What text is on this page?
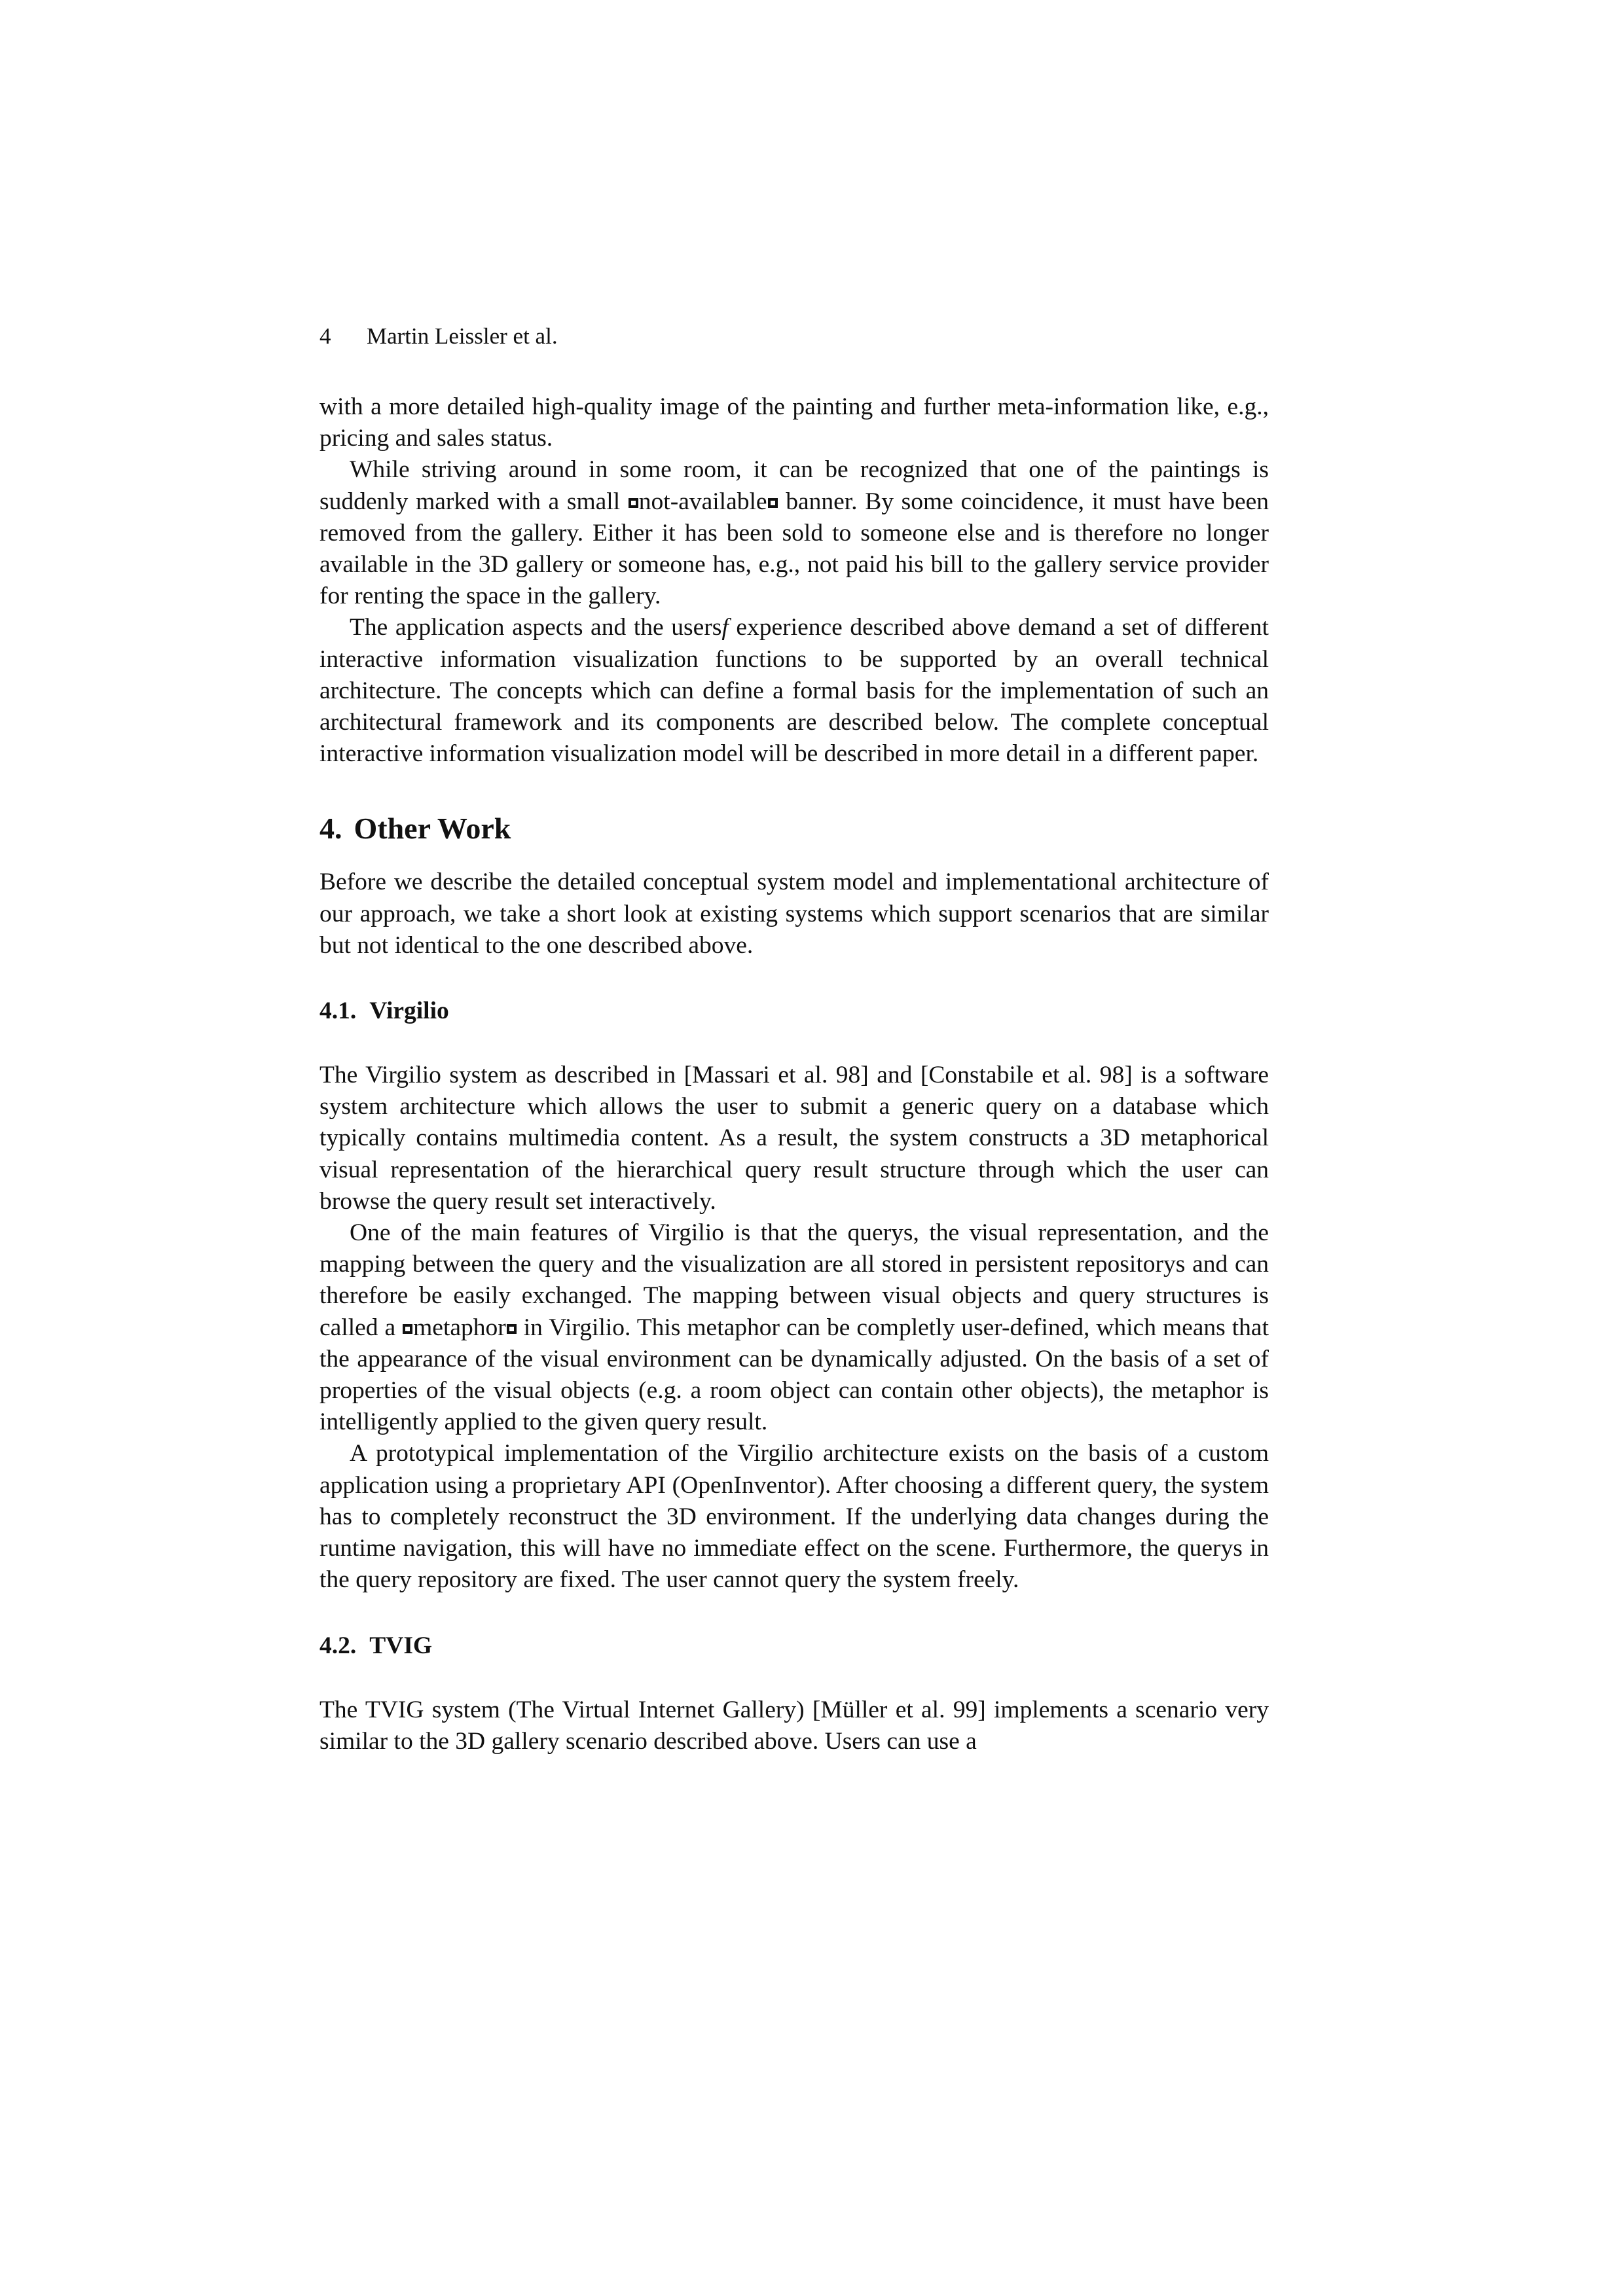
4 Martin Leissler et al.

with a more detailed high-quality image of the painting and further meta-information like, e.g., pricing and sales status.

While striving around in some room, it can be recognized that one of the paintings is suddenly marked with a small not-available banner. By some coincidence, it must have been removed from the gallery. Either it has been sold to someone else and is therefore no longer available in the 3D gallery or someone has, e.g., not paid his bill to the gallery service provider for renting the space in the gallery.

The application aspects and the usersf experience described above demand a set of different interactive information visualization functions to be supported by an overall technical architecture. The concepts which can define a formal basis for the implementation of such an architectural framework and its components are described below. The complete conceptual interactive information visualization model will be described in more detail in a different paper.

4. Other Work

Before we describe the detailed conceptual system model and implementational architecture of our approach, we take a short look at existing systems which support scenarios that are similar but not identical to the one described above.

4.1. Virgilio

The Virgilio system as described in [Massari et al. 98] and [Constabile et al. 98] is a software system architecture which allows the user to submit a generic query on a database which typically contains multimedia content. As a result, the system constructs a 3D metaphorical visual representation of the hierarchical query result structure through which the user can browse the query result set interactively.

One of the main features of Virgilio is that the querys, the visual representation, and the mapping between the query and the visualization are all stored in persistent repositorys and can therefore be easily exchanged. The mapping between visual objects and query structures is called a metaphor in Virgilio. This metaphor can be completly user-defined, which means that the appearance of the visual environment can be dynamically adjusted. On the basis of a set of properties of the visual objects (e.g. a room object can contain other objects), the metaphor is intelligently applied to the given query result.

A prototypical implementation of the Virgilio architecture exists on the basis of a custom application using a proprietary API (OpenInventor). After choosing a different query, the system has to completely reconstruct the 3D environment. If the underlying data changes during the runtime navigation, this will have no immediate effect on the scene. Furthermore, the querys in the query repository are fixed. The user cannot query the system freely.

4.2. TVIG

The TVIG system (The Virtual Internet Gallery) [Müller et al. 99] implements a scenario very similar to the 3D gallery scenario described above. Users can use a
